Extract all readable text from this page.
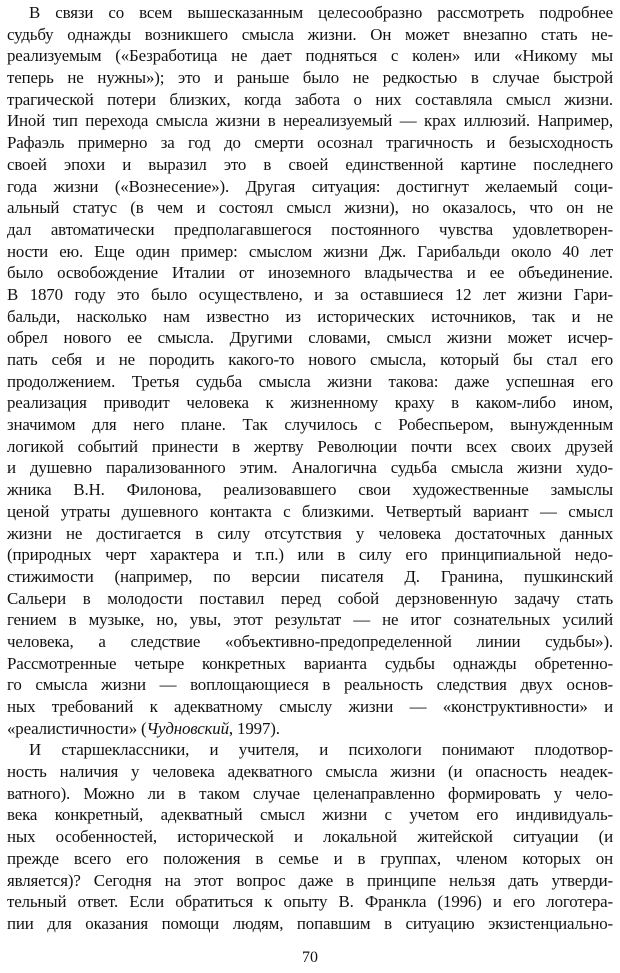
В связи со всем вышесказанным целесообразно рассмотреть подробнее
судьбу однажды возникшего смысла жизни. Он может внезапно стать не-
реализуемым («Безработица не дает подняться с колен» или «Никому мы
теперь не нужны»); это и раньше было не редкостью в случае быстрой
трагической потери близких, когда забота о них составляла смысл жизни.
Иной тип перехода смысла жизни в нереализуемый — крах иллюзий. Например,
Рафаэль примерно за год до смерти осознал трагичность и безысходность
своей эпохи и выразил это в своей единственной картине последнего
года жизни («Вознесение»). Другая ситуация: достигнут желаемый соци-
альный статус (в чем и состоял смысл жизни), но оказалось, что он не
дал автоматически предполагавшегося постоянного чувства удовлетворен-
ности ею. Еще один пример: смыслом жизни Дж. Гарибальди около 40 лет
было освобождение Италии от иноземного владычества и ее объединение.
В 1870 году это было осуществлено, и за оставшиеся 12 лет жизни Гари-
бальди, насколько нам известно из исторических источников, так и не
обрел нового ее смысла. Другими словами, смысл жизни может исчер-
пать себя и не породить какого-то нового смысла, который бы стал его
продолжением. Третья судьба смысла жизни такова: даже успешная его
реализация приводит человека к жизненному краху в каком-либо ином,
значимом для него плане. Так случилось с Робеспьером, вынужденным
логикой событий принести в жертву Революции почти всех своих друзей
и душевно парализованного этим. Аналогична судьба смысла жизни худо-
жника В.Н. Филонова, реализовавшего свои художественные замыслы
ценой утраты душевного контакта с близкими. Четвертый вариант — смысл
жизни не достигается в силу отсутствия у человека достаточных данных
(природных черт характера и т.п.) или в силу его принципиальной недо-
стижимости (например, по версии писателя Д. Гранина, пушкинский
Сальери в молодости поставил перед собой дерзновенную задачу стать
гением в музыке, но, увы, этот результат — не итог сознательных усилий
человека, а следствие «объективно-предопределенной линии судьбы»).
Рассмотренные четыре конкретных варианта судьбы однажды обретенно-
го смысла жизни — воплощающиеся в реальность следствия двух основ-
ных требований к адекватному смыслу жизни — «конструктивности» и
«реалистичности» (Чудновский, 1997).
И старшеклассники, и учителя, и психологи понимают плодотвор-
ность наличия у человека адекватного смысла жизни (и опасность неадек-
ватного). Можно ли в таком случае целенаправленно формировать у чело-
века конкретный, адекватный смысл жизни с учетом его индивидуаль-
ных особенностей, исторической и локальной житейской ситуации (и
прежде всего его положения в семье и в группах, членом которых он
является)? Сегодня на этот вопрос даже в принципе нельзя дать утверди-
тельный ответ. Если обратиться к опыту В. Франкла (1996) и его логотера-
пии для оказания помощи людям, попавшим в ситуацию экзистенциально-
70
